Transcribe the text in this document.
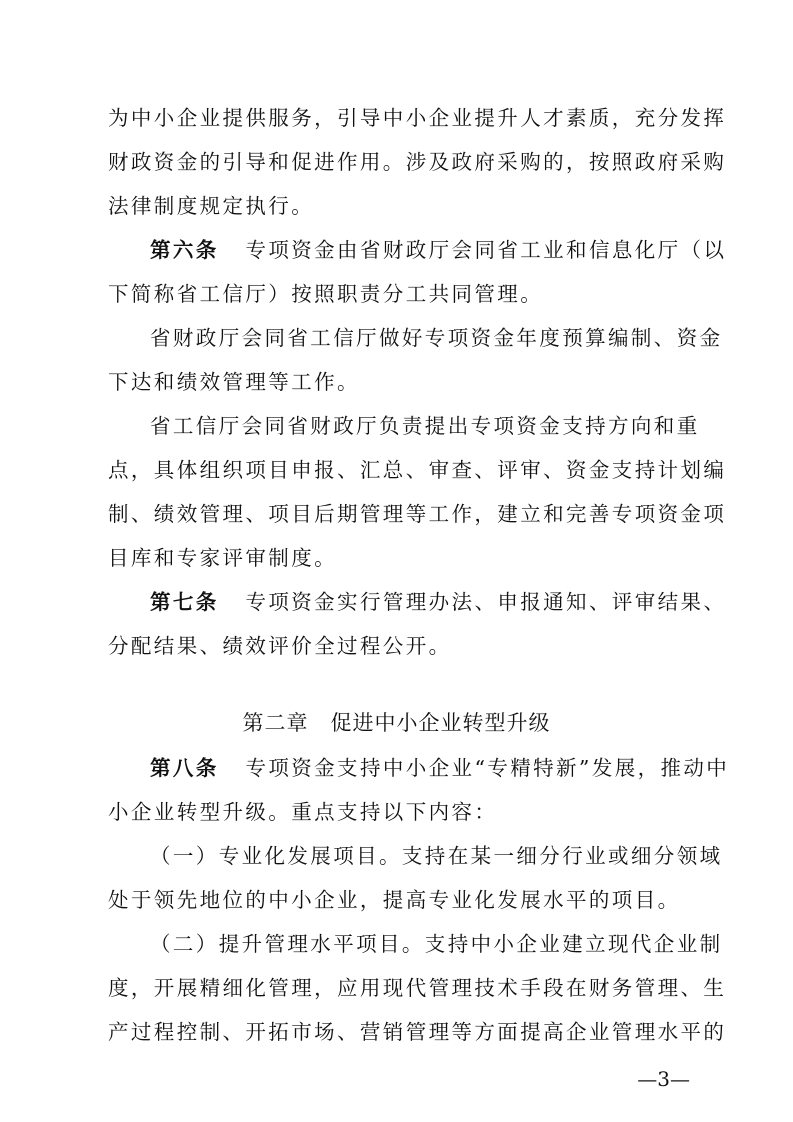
为中小企业提供服务，引导中小企业提升人才素质，充分发挥
财政资金的引导和促进作用。涉及政府采购的，按照政府采购
法律制度规定执行。
第六条 专项资金由省财政厅会同省工业和信息化厅（以
下简称省工信厅）按照职责分工共同管理。
省财政厅会同省工信厅做好专项资金年度预算编制、资金
下达和绩效管理等工作。
省工信厅会同省财政厅负责提出专项资金支持方向和重
点，具体组织项目申报、汇总、审查、评审、资金支持计划编
制、绩效管理、项目后期管理等工作，建立和完善专项资金项
目库和专家评审制度。
第七条 专项资金实行管理办法、申报通知、评审结果、
分配结果、绩效评价全过程公开。
第二章　促进中小企业转型升级
第八条 专项资金支持中小企业“专精特新”发展，推动中
小企业转型升级。重点支持以下内容：
（一）专业化发展项目。支持在某一细分行业或细分领域
处于领先地位的中小企业，提高专业化发展水平的项目。
（二）提升管理水平项目。支持中小企业建立现代企业制
度，开展精细化管理，应用现代管理技术手段在财务管理、生
产过程控制、开拓市场、营销管理等方面提高企业管理水平的
—3—
